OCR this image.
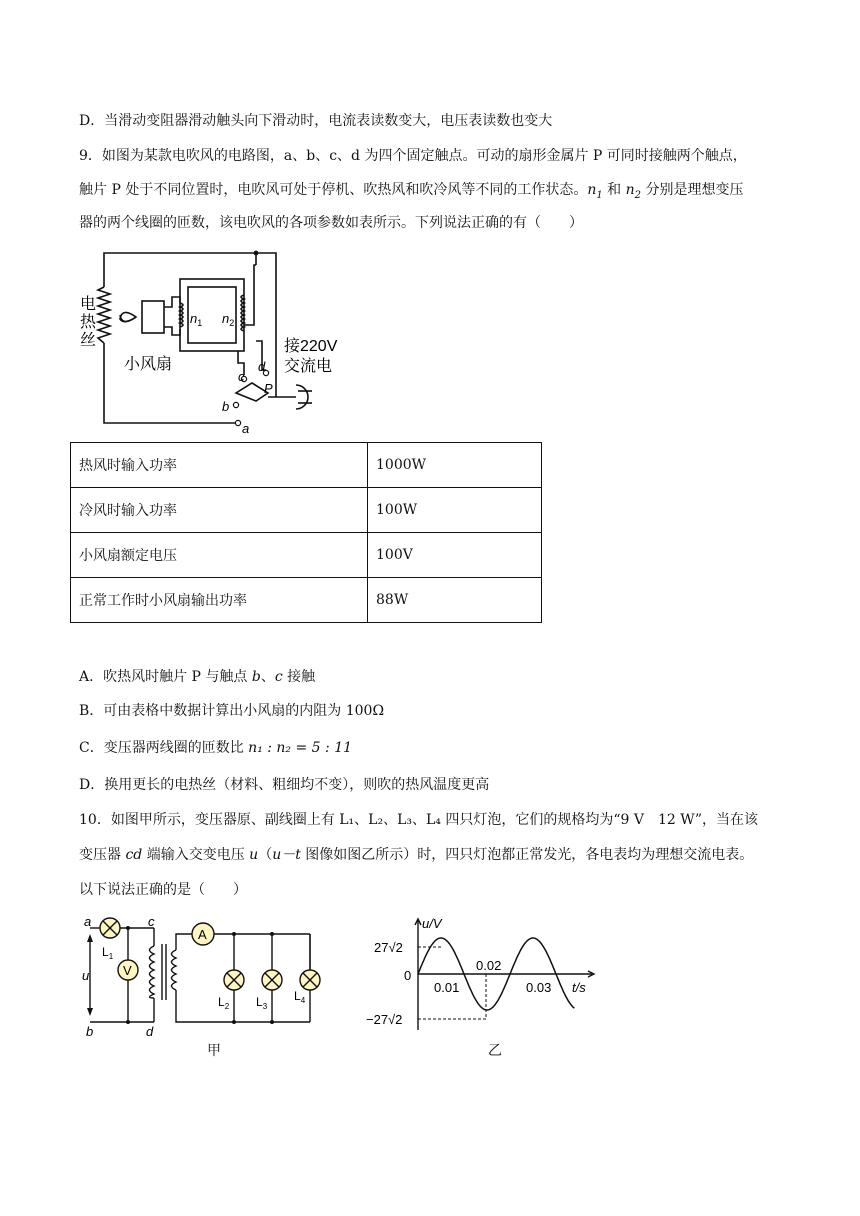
D．当滑动变阻器滑动触头向下滑动时，电流表读数变大，电压表读数也变大
9．如图为某款电吹风的电路图，a、b、c、d 为四个固定触点。可动的扇形金属片 P 可同时接触两个触点，
触片 P 处于不同位置时，电吹风可处于停机、吹热风和吹冷风等不同的工作状态。$n_1$ 和 $n_2$ 分别是理想变压
器的两个线圈的匝数，该电吹风的各项参数如表所示。下列说法正确的有（　　）
电
热
丝
小风扇
$n_1$ $n_2$
接220V
交流电
c
d
P
b
a
热风时输入功率	1000W
冷风时输入功率	100W
小风扇额定电压	100V
正常工作时小风扇输出功率	88W
A．吹热风时触片 P 与触点 b、c 接触
B．可由表格中数据计算出小风扇的内阻为 100Ω
C．变压器两线圈的匝数比 n₁ : n₂ = 5 : 11
D．换用更长的电热丝（材料、粗细均不变），则吹的热风温度更高
10．如图甲所示，变压器原、副线圈上有 L₁、L₂、L₃、L₄ 四只灯泡，它们的规格均为“9 V　12 W”，当在该
变压器 cd 端输入交变电压 u（u－t 图像如图乙所示）时，四只灯泡都正常发光，各电表均为理想交流电表。
以下说法正确的是（　　）
V
A
a
b
c
d
u
$L_1$
$L_2$ $L_3$
$L_4$
甲
u/V
t/s
0
27√2
−27√2
0.01
0.02
0.03
乙
